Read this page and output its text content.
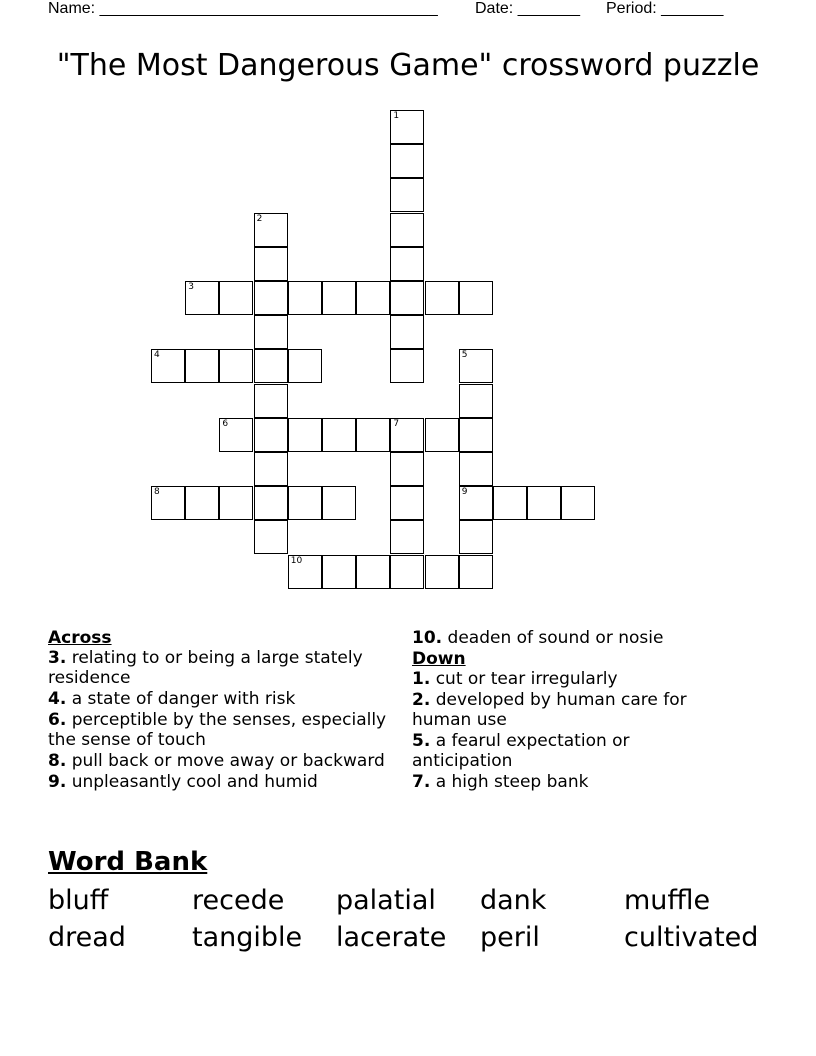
Name: ______________________________________ Date: _______ Period: _______
"The Most Dangerous Game" crossword puzzle
3
4
6	7
8	9
10
1
2
5
Across
3. relating to or being a large stately residence
4. a state of danger with risk
6. perceptible by the senses, especially the sense of touch
8. pull back or move away or backward
9. unpleasantly cool and humid
10. deaden of sound or nosie
Down
1. cut or tear irregularly
2. developed by human care for human use
5. a fearul expectation or anticipation
7. a high steep bank
Word Bank
bluff	recede	palatial	dank	muffle
dread	tangible	lacerate	peril	cultivated
